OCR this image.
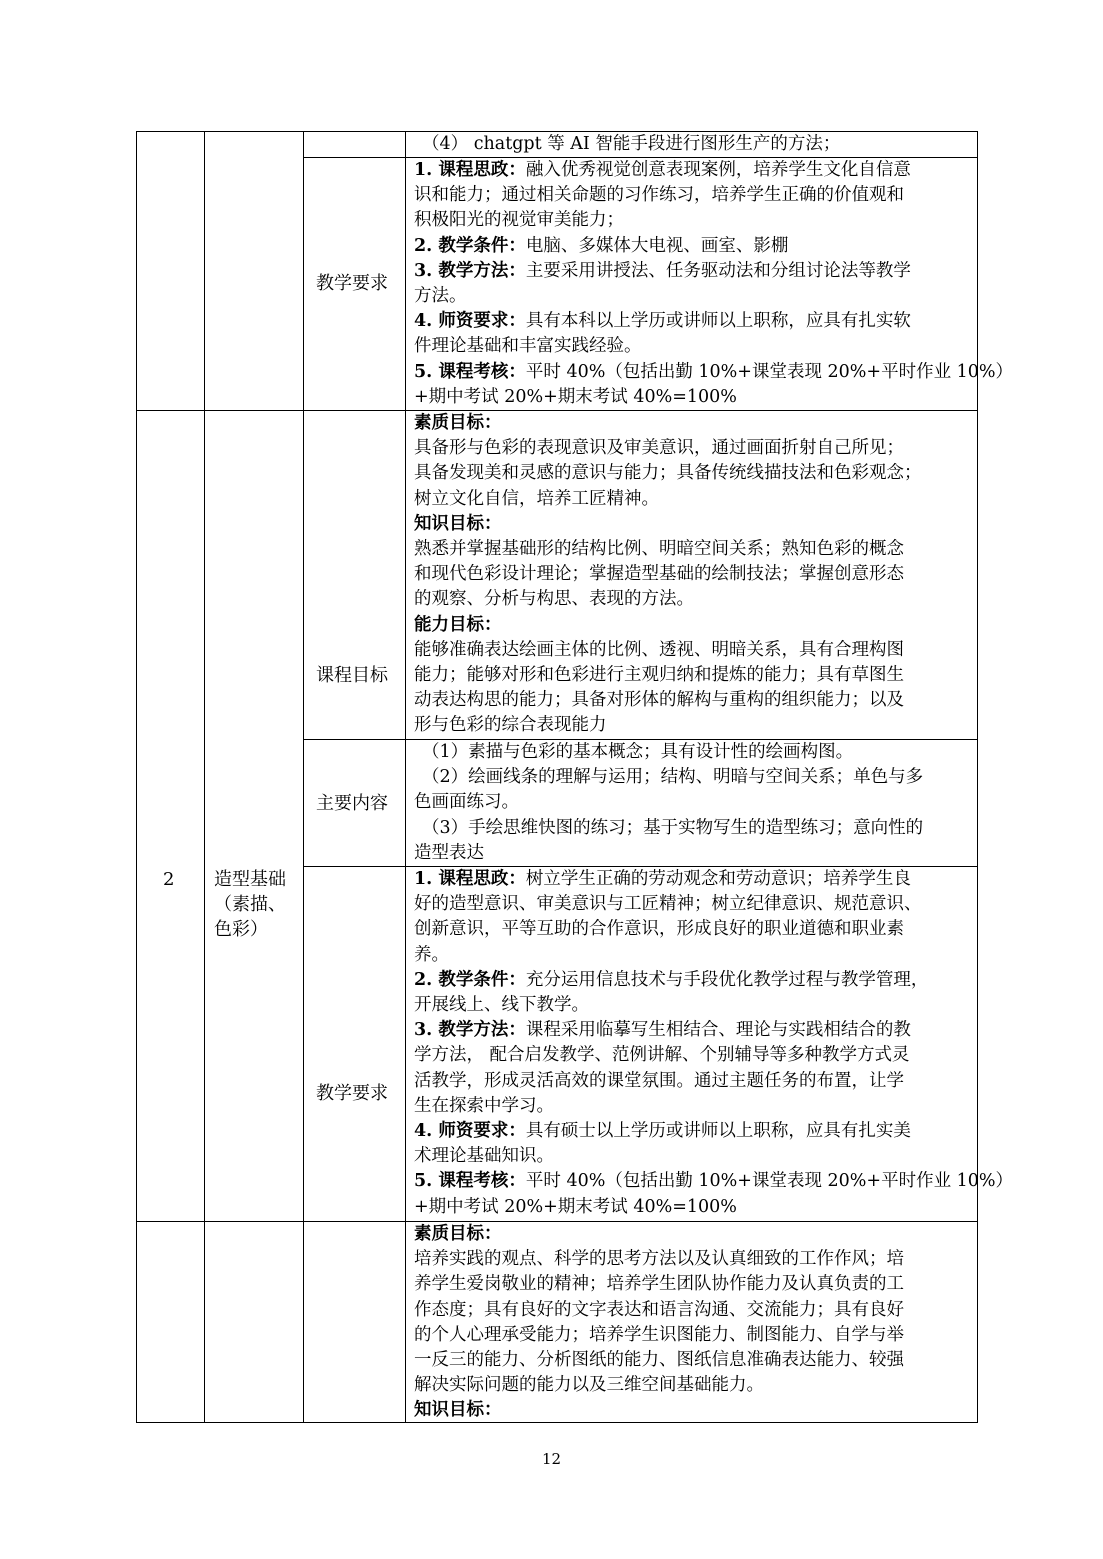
（4） chatgpt 等 AI 智能手段进行图形生产的方法；

教学要求

1. 课程思政：融入优秀视觉创意表现案例，培养学生文化自信意

识和能力；通过相关命题的习作练习，培养学生正确的价值观和

积极阳光的视觉审美能力；

2. 教学条件：电脑、多媒体大电视、画室、影棚

3. 教学方法：主要采用讲授法、任务驱动法和分组讨论法等教学

方法。

4. 师资要求：具有本科以上学历或讲师以上职称，应具有扎实软

件理论基础和丰富实践经验。

5. 课程考核：平时 40%（包括出勤 10%+课堂表现 20%+平时作业 10%）

+期中考试 20%+期末考试 40%=100%

2 造型基础
（素描、
色彩）
课程目标

素质目标：

具备形与色彩的表现意识及审美意识，通过画面折射自己所见；

具备发现美和灵感的意识与能力；具备传统线描技法和色彩观念；

树立文化自信，培养工匠精神。

知识目标：

熟悉并掌握基础形的结构比例、明暗空间关系；熟知色彩的概念

和现代色彩设计理论；掌握造型基础的绘制技法；掌握创意形态

的观察、分析与构思、表现的方法。

能力目标：

能够准确表达绘画主体的比例、透视、明暗关系，具有合理构图

能力；能够对形和色彩进行主观归纳和提炼的能力；具有草图生

动表达构思的能力；具备对形体的解构与重构的组织能力；以及

形与色彩的综合表现能力

主要内容

（1）素描与色彩的基本概念；具有设计性的绘画构图。

（2）绘画线条的理解与运用；结构、明暗与空间关系；单色与多

色画面练习。

（3）手绘思维快图的练习；基于实物写生的造型练习；意向性的

造型表达

教学要求

1. 课程思政：树立学生正确的劳动观念和劳动意识；培养学生良

好的造型意识、审美意识与工匠精神；树立纪律意识、规范意识、

创新意识，平等互助的合作意识，形成良好的职业道德和职业素

养。

2. 教学条件：充分运用信息技术与手段优化教学过程与教学管理，

开展线上、线下教学。

3. 教学方法：课程采用临摹写生相结合、理论与实践相结合的教

学方法， 配合启发教学、范例讲解、个别辅导等多种教学方式灵

活教学，形成灵活高效的课堂氛围。通过主题任务的布置，让学

生在探索中学习。

4. 师资要求：具有硕士以上学历或讲师以上职称，应具有扎实美

术理论基础知识。

5. 课程考核：平时 40%（包括出勤 10%+课堂表现 20%+平时作业 10%）

+期中考试 20%+期末考试 40%=100%

素质目标：

培养实践的观点、科学的思考方法以及认真细致的工作作风；培

养学生爱岗敬业的精神；培养学生团队协作能力及认真负责的工

作态度；具有良好的文字表达和语言沟通、交流能力；具有良好

的个人心理承受能力；培养学生识图能力、制图能力、自学与举

一反三的能力、分析图纸的能力、图纸信息准确表达能力、较强

解决实际问题的能力以及三维空间基础能力。

知识目标：

12
